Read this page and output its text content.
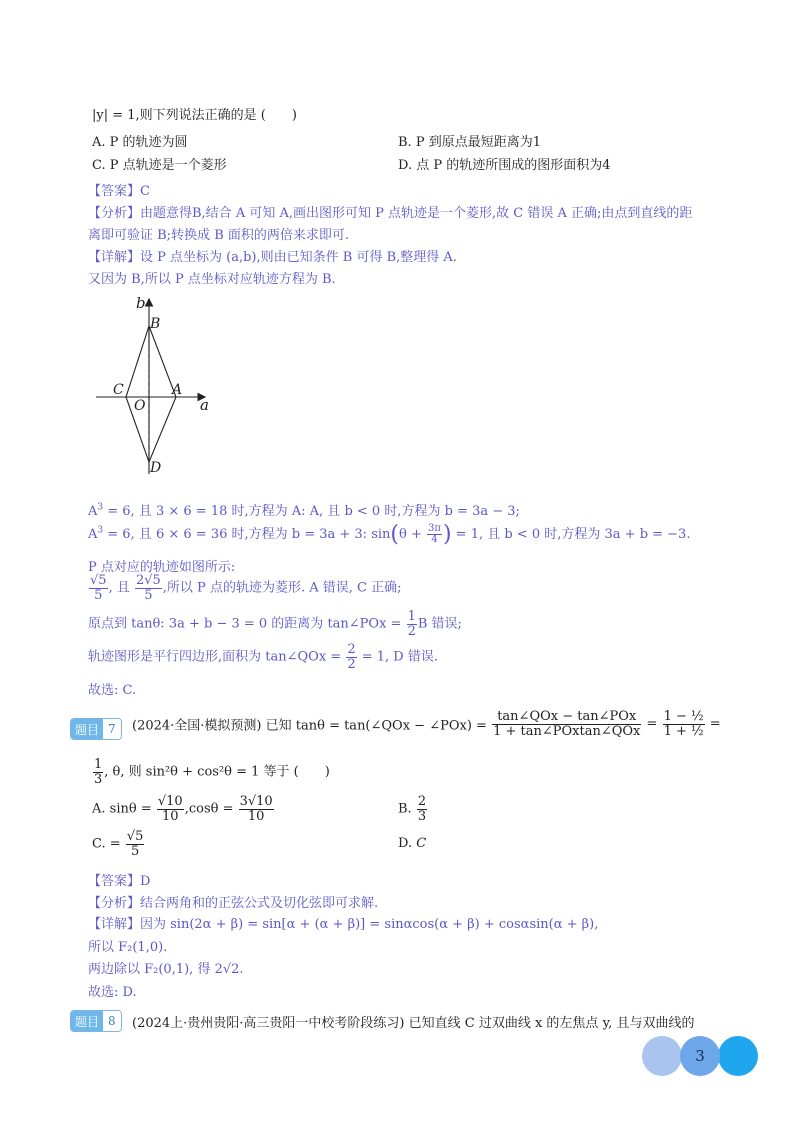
|y| = 1,则下列说法正确的是 (　　)
A. P 的轨迹为圆	B. P 到原点最短距离为1
C. P 点轨迹是一个菱形	D. 点 P 的轨迹所围成的图形面积为4
【答案】C
【分析】由题意得B,结合 A 可知 A,画出图形可知 P 点轨迹是一个菱形,故 C 错误 A 正确;由点到直线的距
离即可验证 B;转换成 B 面积的两倍来求即可.
【详解】设 P 点坐标为 (a,b),则由已知条件 B 可得 B,整理得 A.
又因为 B,所以 P 点坐标对应轨迹方程为 B.
b
a
B
C	A
O
D
$A^3 = 6$, 且 3 × 6 = 18 时,方程为 A: A, 且 b < 0 时,方程为 b = 3a − 3;
$A^3 = 6$, 且 6 × 6 = 36 时,方程为 b = 3a + 3: $\sin(\theta + \frac{3\pi}{4}$ ) = 1, 且 b < 0 时,方程为 3a + b = −3.
P 点对应的轨迹如图所示:
$\frac{√5}{5}$ , 且 $\frac{2√5}{5}$ ,所以 P 点的轨迹为菱形. A 错误, C 正确;
原点到 tanθ: 3a + b − 3 = 0 的距离为 tan∠POx = $\frac{1}{2}$ B 错误;
轨迹图形是平行四边形,面积为 tan∠QOx = $\frac{2}{2} = 1$, D 错误.
故选: C.
题目 7	(2024·全国·模拟预测) 已知 tanθ = tan(∠QOx − ∠POx) = $\frac{\text{tan∠QOx − tan∠POx}}{\text{1 + tan∠POxtan∠QOx}} = \frac{\text{1 − ½}}{\text{1 + ½}}$ =
$\frac{1}{3}$ , θ, 则 sin²θ + cos²θ = 1 等于 (　　)
A. $\sin\theta = \frac{√10}{10} ,\cos\theta = \frac{3√10}{10}$	B. $\frac{2}{3}$
C. = $\frac{√5}{5}$	D. C
【答案】D
【分析】结合两角和的正弦公式及切化弦即可求解.
【详解】因为 sin(2α + β) = sin[α + (α + β)] = sinαcos(α + β) + cosαsin(α + β),
所以 F₂(1,0).
两边除以 F₂(0,1), 得 2√2.
故选: D.
题目 8	(2024上·贵州贵阳·高三贵阳一中校考阶段练习) 已知直线 C 过双曲线 x 的左焦点 y, 且与双曲线的
3
